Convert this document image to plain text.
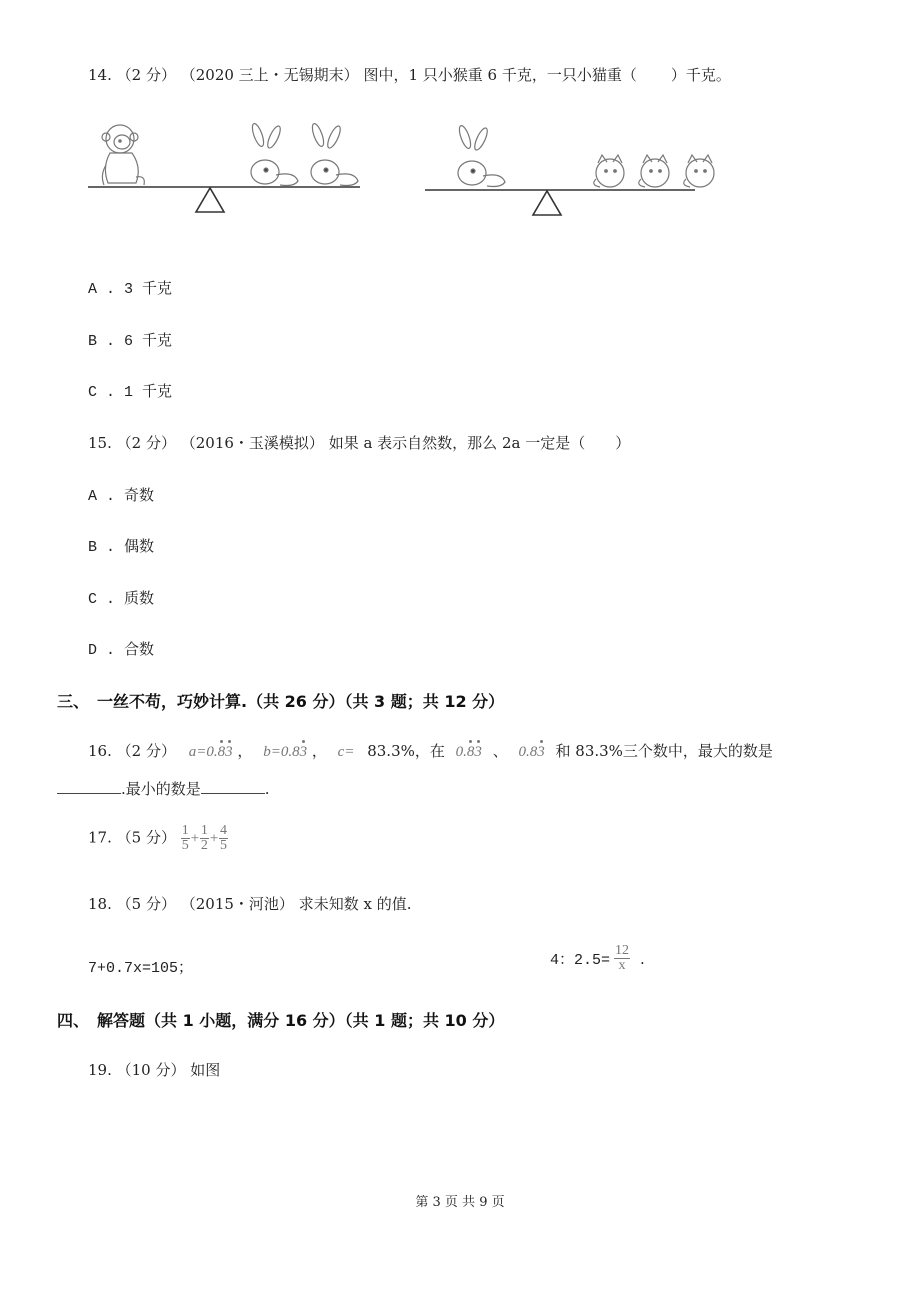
14. （2 分） （2020 三上・无锡期末） 图中，1 只小猴重 6 千克，一只小猫重（ ）千克。
A . 3 千克
B . 6 千克
C . 1 千克
15. （2 分） （2016・玉溪模拟） 如果 a 表示自然数，那么 2a 一定是（　　）
A . 奇数
B . 偶数
C . 质数
D . 合数
三、　一丝不苟，巧妙计算.（共 26 分）（共 3 题；共 12 分）
16. （2 分） a=0.
83 ， b=0.
83 ， c= 83.3%，在 0.
83 、 0.
83 和 83.3%三个数中，最大的数是
.最小的数是	.
17. （5 分） $\frac{1}{5} + \frac{1}{2} + \frac{4}{5}$
18. （5 分） （2015・河池） 求未知数 x 的值.
7+0.7x=105；	4：$2.5= \frac{12}{x}$ .
四、　解答题（共 1 小题，满分 16 分）（共 1 题；共 10 分）
19. （10 分） 如图
第 3 页 共 9 页
